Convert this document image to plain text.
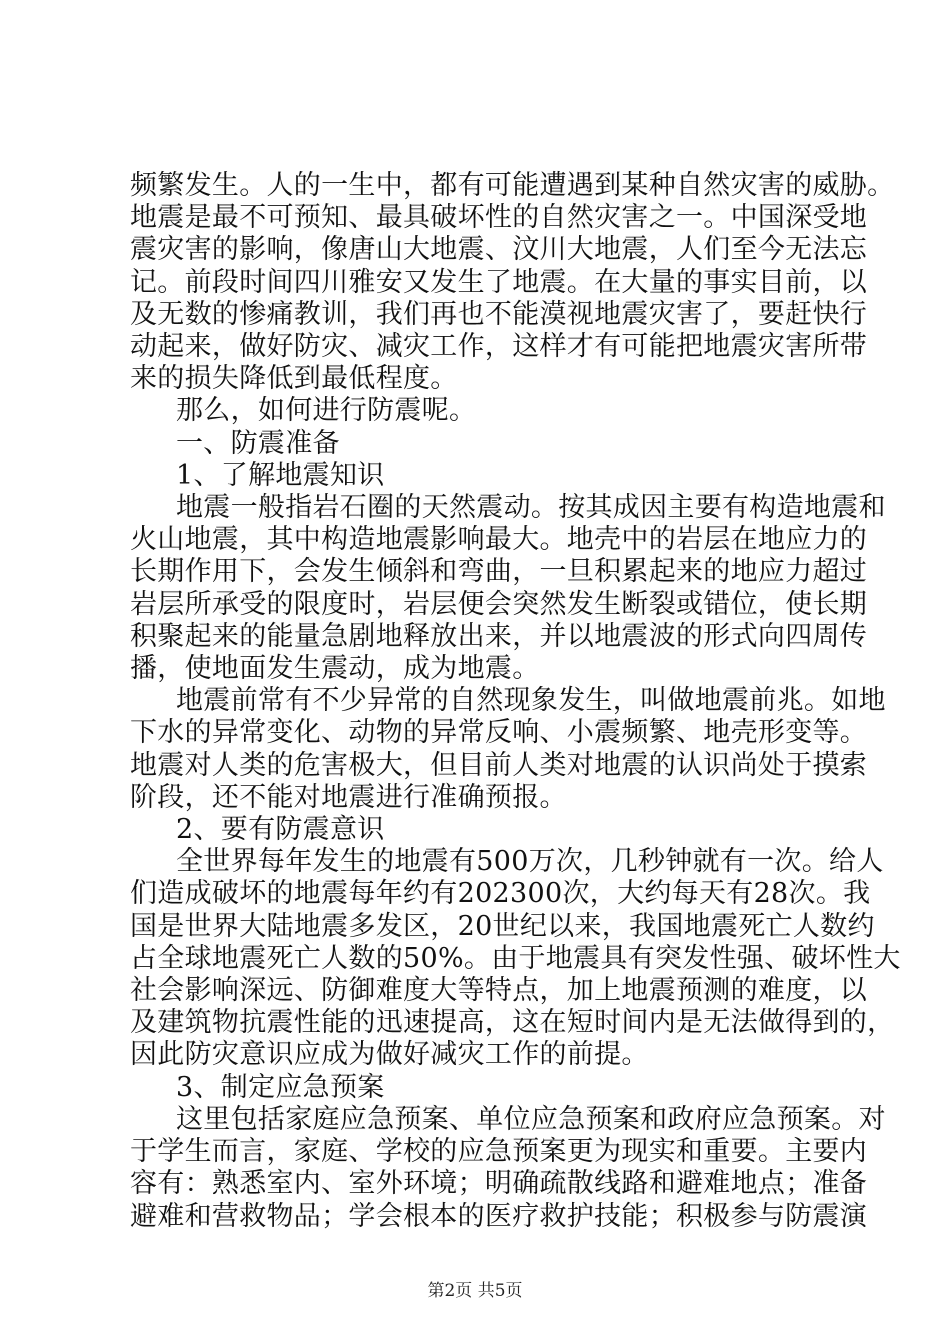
频繁发生。人的一生中，都有可能遭遇到某种自然灾害的威胁。
地震是最不可预知、最具破坏性的自然灾害之一。中国深受地
震灾害的影响，像唐山大地震、汶川大地震，人们至今无法忘
记。前段时间四川雅安又发生了地震。在大量的事实目前，以
及无数的惨痛教训，我们再也不能漠视地震灾害了，要赶快行
动起来，做好防灾、减灾工作，这样才有可能把地震灾害所带
来的损失降低到最低程度。
那么，如何进行防震呢。
一、防震准备
1、了解地震知识
地震一般指岩石圈的天然震动。按其成因主要有构造地震和
火山地震，其中构造地震影响最大。地壳中的岩层在地应力的
长期作用下，会发生倾斜和弯曲，一旦积累起来的地应力超过
岩层所承受的限度时，岩层便会突然发生断裂或错位，使长期
积聚起来的能量急剧地释放出来，并以地震波的形式向四周传
播，使地面发生震动，成为地震。
地震前常有不少异常的自然现象发生，叫做地震前兆。如地
下水的异常变化、动物的异常反响、小震频繁、地壳形变等。
地震对人类的危害极大，但目前人类对地震的认识尚处于摸索
阶段，还不能对地震进行准确预报。
2、要有防震意识
全世界每年发生的地震有500万次，几秒钟就有一次。给人
们造成破坏的地震每年约有202300次，大约每天有28次。我
国是世界大陆地震多发区，20世纪以来，我国地震死亡人数约
占全球地震死亡人数的50%。由于地震具有突发性强、破坏性大
社会影响深远、防御难度大等特点，加上地震预测的难度，以
及建筑物抗震性能的迅速提高，这在短时间内是无法做得到的，
因此防灾意识应成为做好减灾工作的前提。
3、制定应急预案
这里包括家庭应急预案、单位应急预案和政府应急预案。对
于学生而言，家庭、学校的应急预案更为现实和重要。主要内
容有：熟悉室内、室外环境；明确疏散线路和避难地点；准备
避难和营救物品；学会根本的医疗救护技能；积极参与防震演
第2页 共5页
